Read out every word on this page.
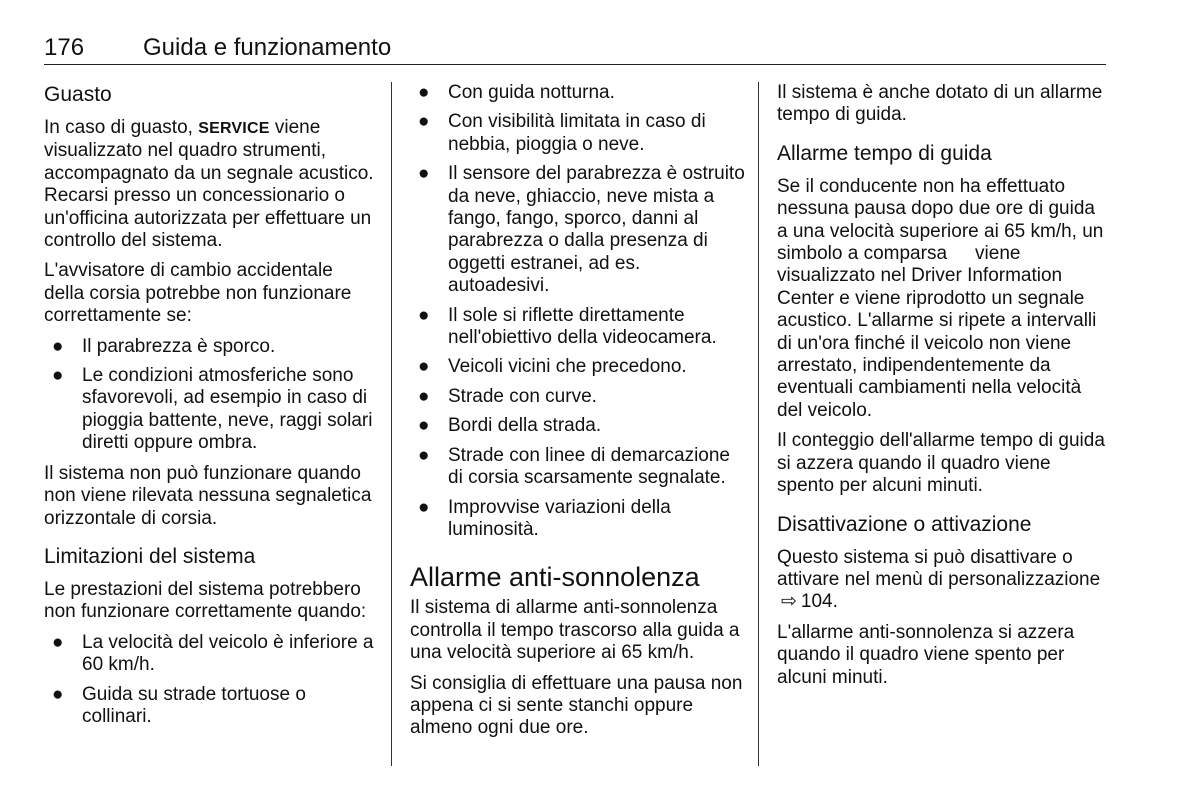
176 Guida e funzionamento
Guasto

In caso di guasto, SERVICE viene visualizzato nel quadro strumenti, accompagnato da un segnale acustico. Recarsi presso un concessionario o un'officina autorizzata per effettuare un controllo del sistema.

L'avvisatore di cambio accidentale della corsia potrebbe non funzionare correttamente se:

● Il parabrezza è sporco.
● Le condizioni atmosferiche sono sfavorevoli, ad esempio in caso di pioggia battente, neve, raggi solari diretti oppure ombra.

Il sistema non può funzionare quando non viene rilevata nessuna segnaletica orizzontale di corsia.

Limitazioni del sistema

Le prestazioni del sistema potrebbero non funzionare correttamente quando:

● La velocità del veicolo è inferiore a 60 km/h.
● Guida su strade tortuose o collinari.
● Con guida notturna.
● Con visibilità limitata in caso di nebbia, pioggia o neve.
● Il sensore del parabrezza è ostruito da neve, ghiaccio, neve mista a fango, fango, sporco, danni al parabrezza o dalla presenza di oggetti estranei, ad es. autoadesivi.
● Il sole si riflette direttamente nell'obiettivo della videocamera.
● Veicoli vicini che precedono.
● Strade con curve.
● Bordi della strada.
● Strade con linee di demarcazione di corsia scarsamente segnalate.
● Improvvise variazioni della luminosità.
Allarme anti-sonnolenza

Il sistema di allarme anti-sonnolenza controlla il tempo trascorso alla guida a una velocità superiore ai 65 km/h.

Si consiglia di effettuare una pausa non appena ci si sente stanchi oppure almeno ogni due ore.

Il sistema è anche dotato di un allarme tempo di guida.

Allarme tempo di guida

Se il conducente non ha effettuato nessuna pausa dopo due ore di guida a una velocità superiore ai 65 km/h, un simbolo a comparsa viene visualizzato nel Driver Information Center e viene riprodotto un segnale acustico. L'allarme si ripete a intervalli di un'ora finché il veicolo non viene arrestato, indipendentemente da eventuali cambiamenti nella velocità del veicolo.

Il conteggio dell'allarme tempo di guida si azzera quando il quadro viene spento per alcuni minuti.

Disattivazione o attivazione

Questo sistema si può disattivare o attivare nel menù di personalizzazione ⇨ 104.

L'allarme anti-sonnolenza si azzera quando il quadro viene spento per alcuni minuti.
